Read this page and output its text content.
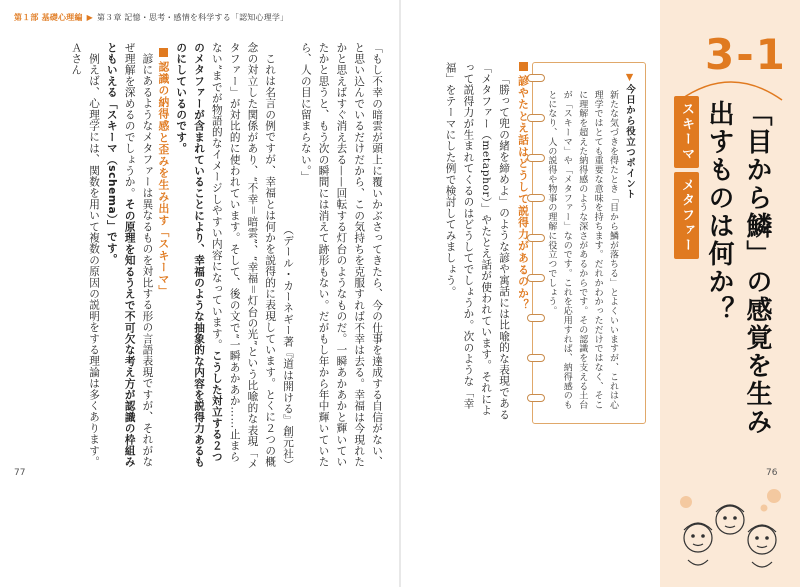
第１部 基礎心理編 ▶ 第３章 記憶・思考・感情を科学する「認知心理学」
77	76
3-1
「目から鱗」の感覚を生み出すものは何か？
スキーマ
メタファー
▼今日から役立つポイント
新たな気づきを得たとき「目から鱗が落ちる」とよくいいますが、これは心理学ではとても重要な意味を持ちます。だれかわかっただけではなく、そこに理解を超えた納得感のような深さがあるからです。その認識を支える土台が「スキーマ」や「メタファー」なのです。これを応用すれば、納得感のもとになり、人の説得や物事の理解に役立つでしょう。
諺やたとえ話はどうして説得力があるのか？

「勝って兜の緒を締めよ」のような諺や寓話には比喩的な表現である「メタファー（metaphor）」やたとえ話が使われています。それによって説得力が生まれてくるのはどうしてでしょうか。次のような「幸福」をテーマにした例で検討してみましょう。

「もし不幸の暗雲が頭上に覆いかぶさってきたら、今の仕事を達成する自信がない、と思い込んでいるだけだから、この気持ちを克服すれば不幸は去る。幸福は今現れたかと思えばすぐ消え去る——回転する灯台のようなものだ。一瞬あかあかと輝いていたかと思うと、もう次の瞬間には消えて跡形もない。だがもし年から年中輝いていたら、人の目に留まらない。」

（デール・カーネギー著『道は開ける』創元社）

これは名言の例ですが、幸福とは何かを説得的に表現しています。とくに２つの概念の対立した関係があり、“不幸＝暗雲”、“幸福＝灯台の光”という比喩的な表現「メタファー」が対比的に使われています。そして、後の文で“一瞬あかあか……止まらない”までが物語的なイメージしやすい内容になっています。こうした対立する２つのメタファーが含まれていることにより、幸福のような抽象的な内容を説得力あるものにしているのです。

認識の納得感と歪みを生み出す「スキーマ」

諺にあるようなメタファーは異なるものを対比する形の言語表現ですが、それがなぜ理解を深めるのでしょうか。その原理を知るうえで不可欠な考え方が認識の枠組みともいえる「スキーマ（schema）」です。

例えば、心理学には、関数を用いて複数の原因の説明をする理論は多くあります。Ａさん
